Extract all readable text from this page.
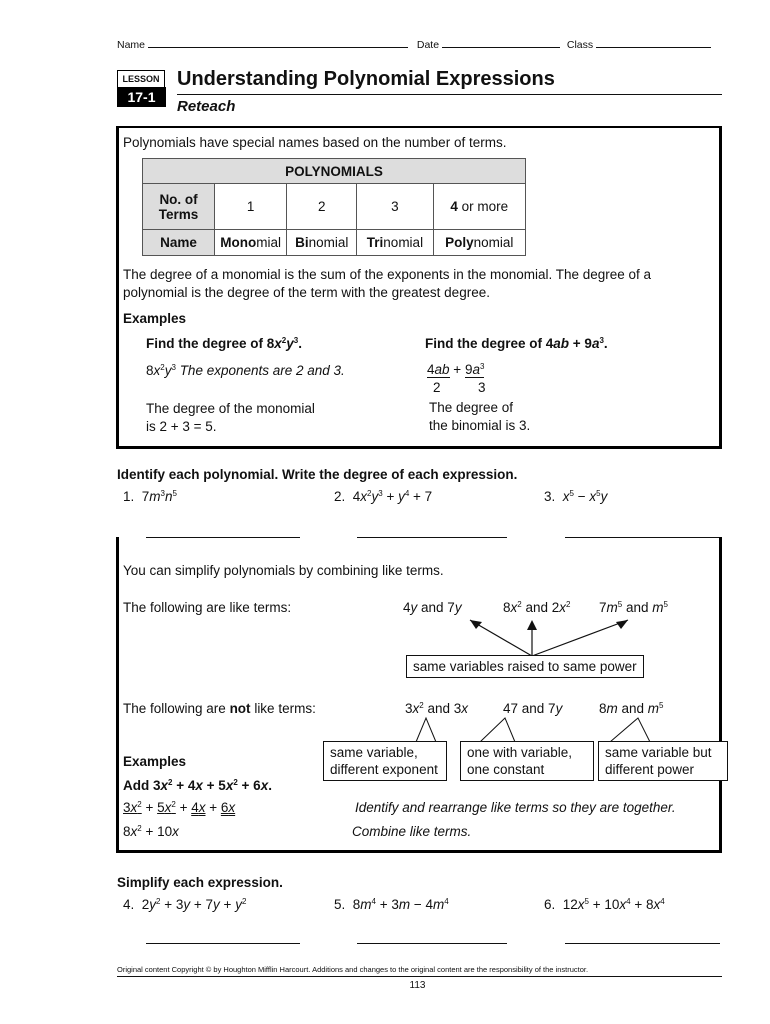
Name	Date	Class
LESSON
17-1
Understanding Polynomial Expressions
Reteach
Polynomials have special names based on the number of terms.
POLYNOMIALS				
No. of Terms	1	2	3	4 or more
Name	Monomial	Binomial	Trinomial	Polynomial
The degree of a monomial is the sum of the exponents in the monomial. The degree of a polynomial is the degree of the term with the greatest degree.
Examples
Find the degree of $8x^2y^3$.
$8x^2y^3$ The exponents are 2 and 3.
The degree of the monomial
is 2 + 3 = 5.
Find the degree of $4ab + 9a^3$.
$4ab + 9a^3$
2	3
The degree of
the binomial is 3.
Identify each polynomial. Write the degree of each expression.
1.  $7m^3n^5$	2.  $4x^2y^3 + y^4 + 7$	3. $x^5 - x^5y$
You can simplify polynomials by combining like terms.
The following are like terms:	4y and 7y	$8x^2$ and $2x^2$ $7m^5$ and $m^5$
same variables raised to same power
The following are not like terms:	$3x^2$ and 3x	47 and 7y	8m and $m^5$
same variable,
different exponent
one with variable,
one constant
same variable but
different power
Examples
Add $3x^2 + 4x + 5x^2 + 6x$.
$3x^2 + 5x^2 + 4x + 6x$	Identify and rearrange like terms so they are together.
$8x^2 + 10x$	Combine like terms.
Simplify each expression.
4.  $2y^2 + 3y + 7y + y^2$	5.  $8m^4 + 3m - 4m^4$	6.  $12x^5 + 10x^4 + 8x^4$
Original content Copyright © by Houghton Mifflin Harcourt. Additions and changes to the original content are the responsibility of the instructor.
113
